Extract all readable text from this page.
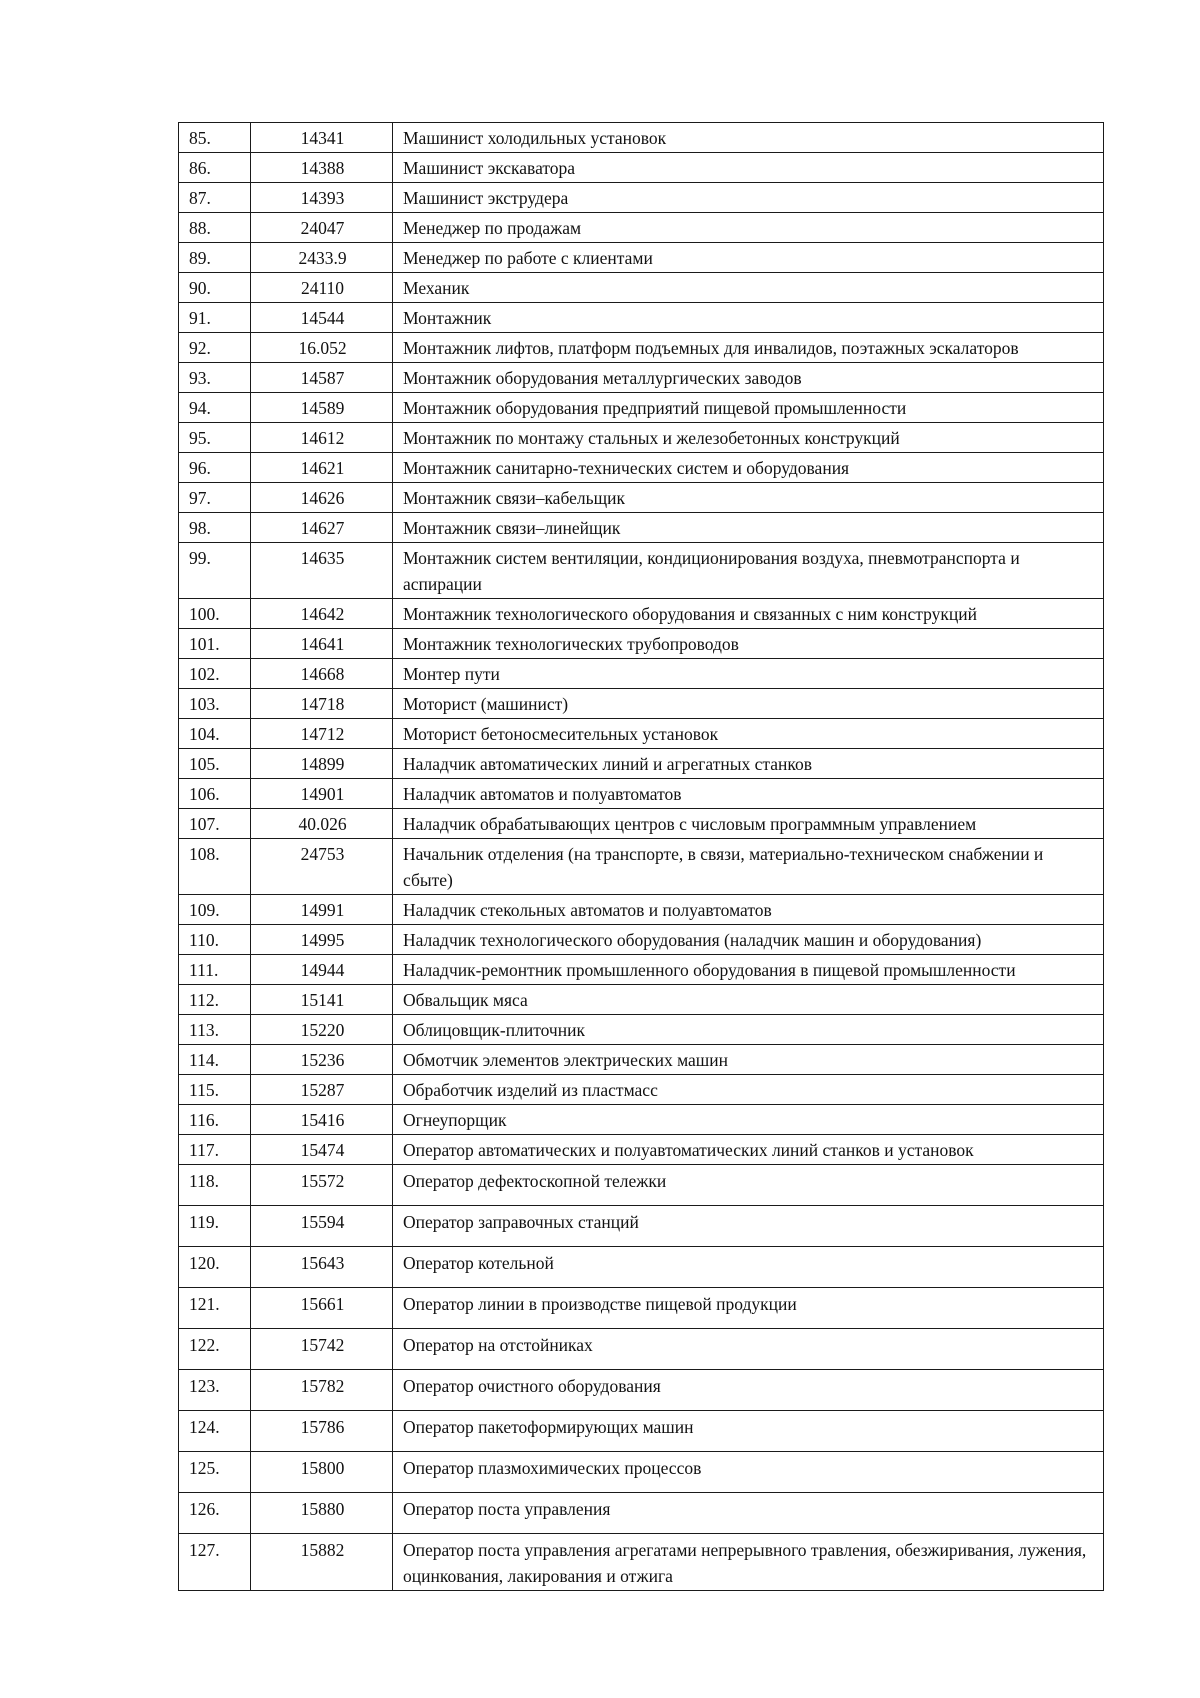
85.	14341	Машинист холодильных установок
86.	14388	Машинист экскаватора
87.	14393	Машинист экструдера
88.	24047	Менеджер по продажам
89.	2433.9	Менеджер по работе с клиентами
90.	24110	Механик
91.	14544	Монтажник
92.	16.052	Монтажник лифтов, платформ подъемных для инвалидов, поэтажных эскалаторов
93.	14587	Монтажник оборудования металлургических заводов
94.	14589	Монтажник оборудования предприятий пищевой промышленности
95.	14612	Монтажник по монтажу стальных и железобетонных конструкций
96.	14621	Монтажник санитарно-технических систем и оборудования
97.	14626	Монтажник связи–кабельщик
98.	14627	Монтажник связи–линейщик
99.	14635	Монтажник систем вентиляции, кондиционирования воздуха, пневмотранспорта и аспирации
100.	14642	Монтажник технологического оборудования и связанных с ним конструкций
101.	14641	Монтажник технологических трубопроводов
102.	14668	Монтер пути
103.	14718	Моторист (машинист)
104.	14712	Моторист бетоносмесительных установок
105.	14899	Наладчик автоматических линий и агрегатных станков
106.	14901	Наладчик автоматов и полуавтоматов
107.	40.026	Наладчик обрабатывающих центров с числовым программным управлением
108.	24753	Начальник отделения (на транспорте, в связи, материально-техническом снабжении и сбыте)
109.	14991	Наладчик стекольных автоматов и полуавтоматов
110.	14995	Наладчик технологического оборудования (наладчик машин и оборудования)
111.	14944	Наладчик-ремонтник промышленного оборудования в пищевой промышленности
112.	15141	Обвальщик мяса
113.	15220	Облицовщик-плиточник
114.	15236	Обмотчик элементов электрических машин
115.	15287	Обработчик изделий из пластмасс
116.	15416	Огнеупорщик
117.	15474	Оператор автоматических и полуавтоматических линий станков и установок
118.	15572	Оператор дефектоскопной тележки
119.	15594	Оператор заправочных станций
120.	15643	Оператор котельной
121.	15661	Оператор линии в производстве пищевой продукции
122.	15742	Оператор на отстойниках
123.	15782	Оператор очистного оборудования
124.	15786	Оператор пакетоформирующих машин
125.	15800	Оператор плазмохимических процессов
126.	15880	Оператор поста управления
127.	15882	Оператор поста управления агрегатами непрерывного травления, обезжиривания, лужения, оцинкования, лакирования и отжига
